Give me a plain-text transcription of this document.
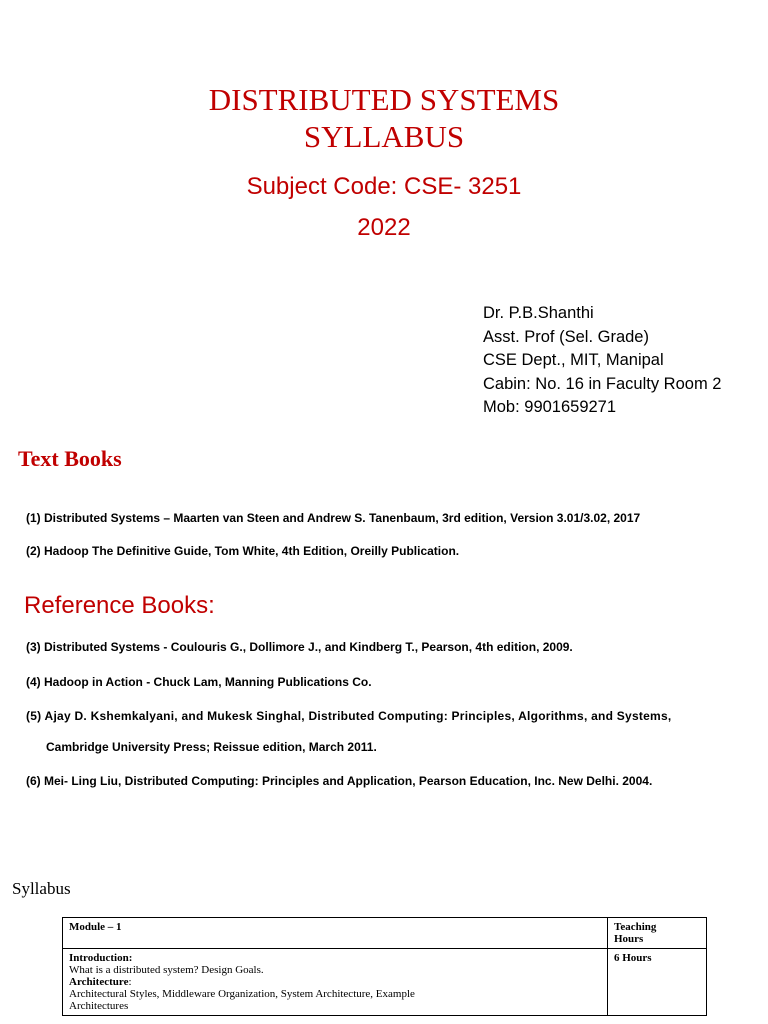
DISTRIBUTED SYSTEMS
SYLLABUS
Subject Code: CSE- 3251
2022
Dr. P.B.Shanthi
Asst. Prof (Sel. Grade)
CSE Dept., MIT, Manipal
Cabin: No. 16 in Faculty Room 2
Mob: 9901659271
Text Books
(1) Distributed Systems – Maarten van Steen and Andrew S. Tanenbaum, 3rd edition, Version 3.01/3.02, 2017
(2) Hadoop The Definitive Guide, Tom White, 4th Edition, Oreilly Publication.
Reference Books:
(3) Distributed Systems - Coulouris G., Dollimore J., and Kindberg T., Pearson, 4th edition, 2009.
(4) Hadoop in Action - Chuck Lam, Manning Publications Co.
(5) Ajay D. Kshemkalyani, and Mukesk Singhal, Distributed Computing: Principles, Algorithms, and Systems,
Cambridge University Press; Reissue edition, March 2011.
(6) Mei- Ling Liu, Distributed Computing: Principles and Application, Pearson Education, Inc. New Delhi. 2004.
Syllabus
Module – 1	Teaching
Hours

Introduction:
What is a distributed system? Design Goals.
Architecture:
Architectural Styles, Middleware Organization, System Architecture, Example
Architectures	6 Hours
